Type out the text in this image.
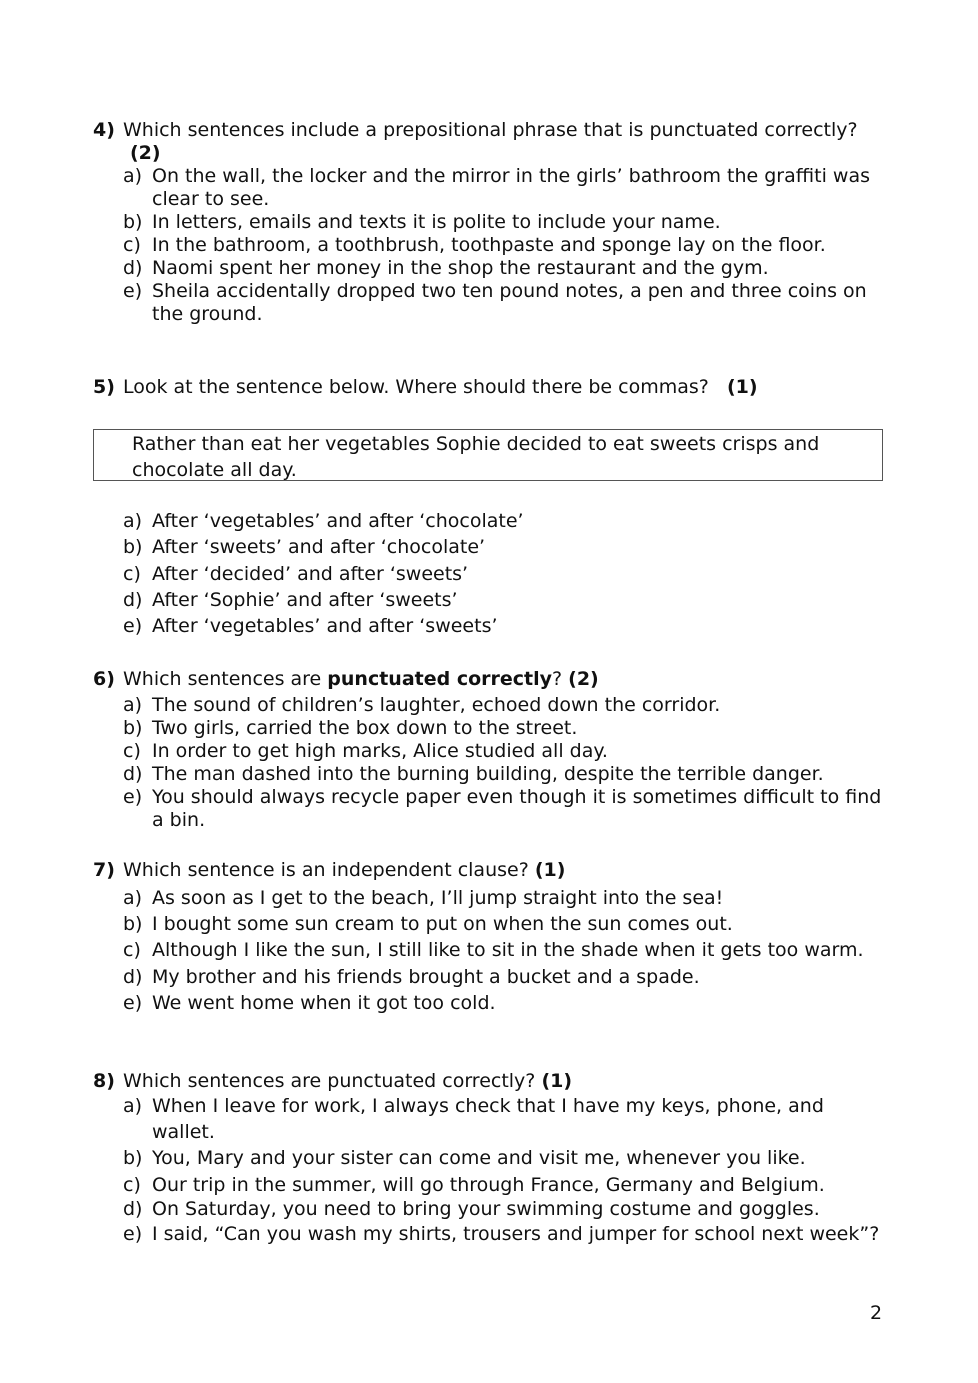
4) Which sentences include a prepositional phrase that is punctuated correctly?
(2)
a) On the wall, the locker and the mirror in the girls’ bathroom the graffiti was clear to see.
b) In letters, emails and texts it is polite to include your name.
c) In the bathroom, a toothbrush, toothpaste and sponge lay on the floor.
d) Naomi spent her money in the shop the restaurant and the gym.
e) Sheila accidentally dropped two ten pound notes, a pen and three coins on the ground.
5) Look at the sentence below. Where should there be commas? (1)
Rather than eat her vegetables Sophie decided to eat sweets crisps and chocolate all day.
a) After ‘vegetables’ and after ‘chocolate’
b) After ‘sweets’ and after ‘chocolate’
c) After ‘decided’ and after ‘sweets’
d) After ‘Sophie’ and after ‘sweets’
e) After ‘vegetables’ and after ‘sweets’
6) Which sentences are punctuated correctly? (2)
a) The sound of children’s laughter, echoed down the corridor.
b) Two girls, carried the box down to the street.
c) In order to get high marks, Alice studied all day.
d) The man dashed into the burning building, despite the terrible danger.
e) You should always recycle paper even though it is sometimes difficult to find a bin.
7) Which sentence is an independent clause? (1)
a) As soon as I get to the beach, I’ll jump straight into the sea!
b) I bought some sun cream to put on when the sun comes out.
c) Although I like the sun, I still like to sit in the shade when it gets too warm.
d) My brother and his friends brought a bucket and a spade.
e) We went home when it got too cold.
8) Which sentences are punctuated correctly? (1)
a) When I leave for work, I always check that I have my keys, phone, and wallet.
b) You, Mary and your sister can come and visit me, whenever you like.
c) Our trip in the summer, will go through France, Germany and Belgium.
d) On Saturday, you need to bring your swimming costume and goggles.
e) I said, “Can you wash my shirts, trousers and jumper for school next week”?
2
